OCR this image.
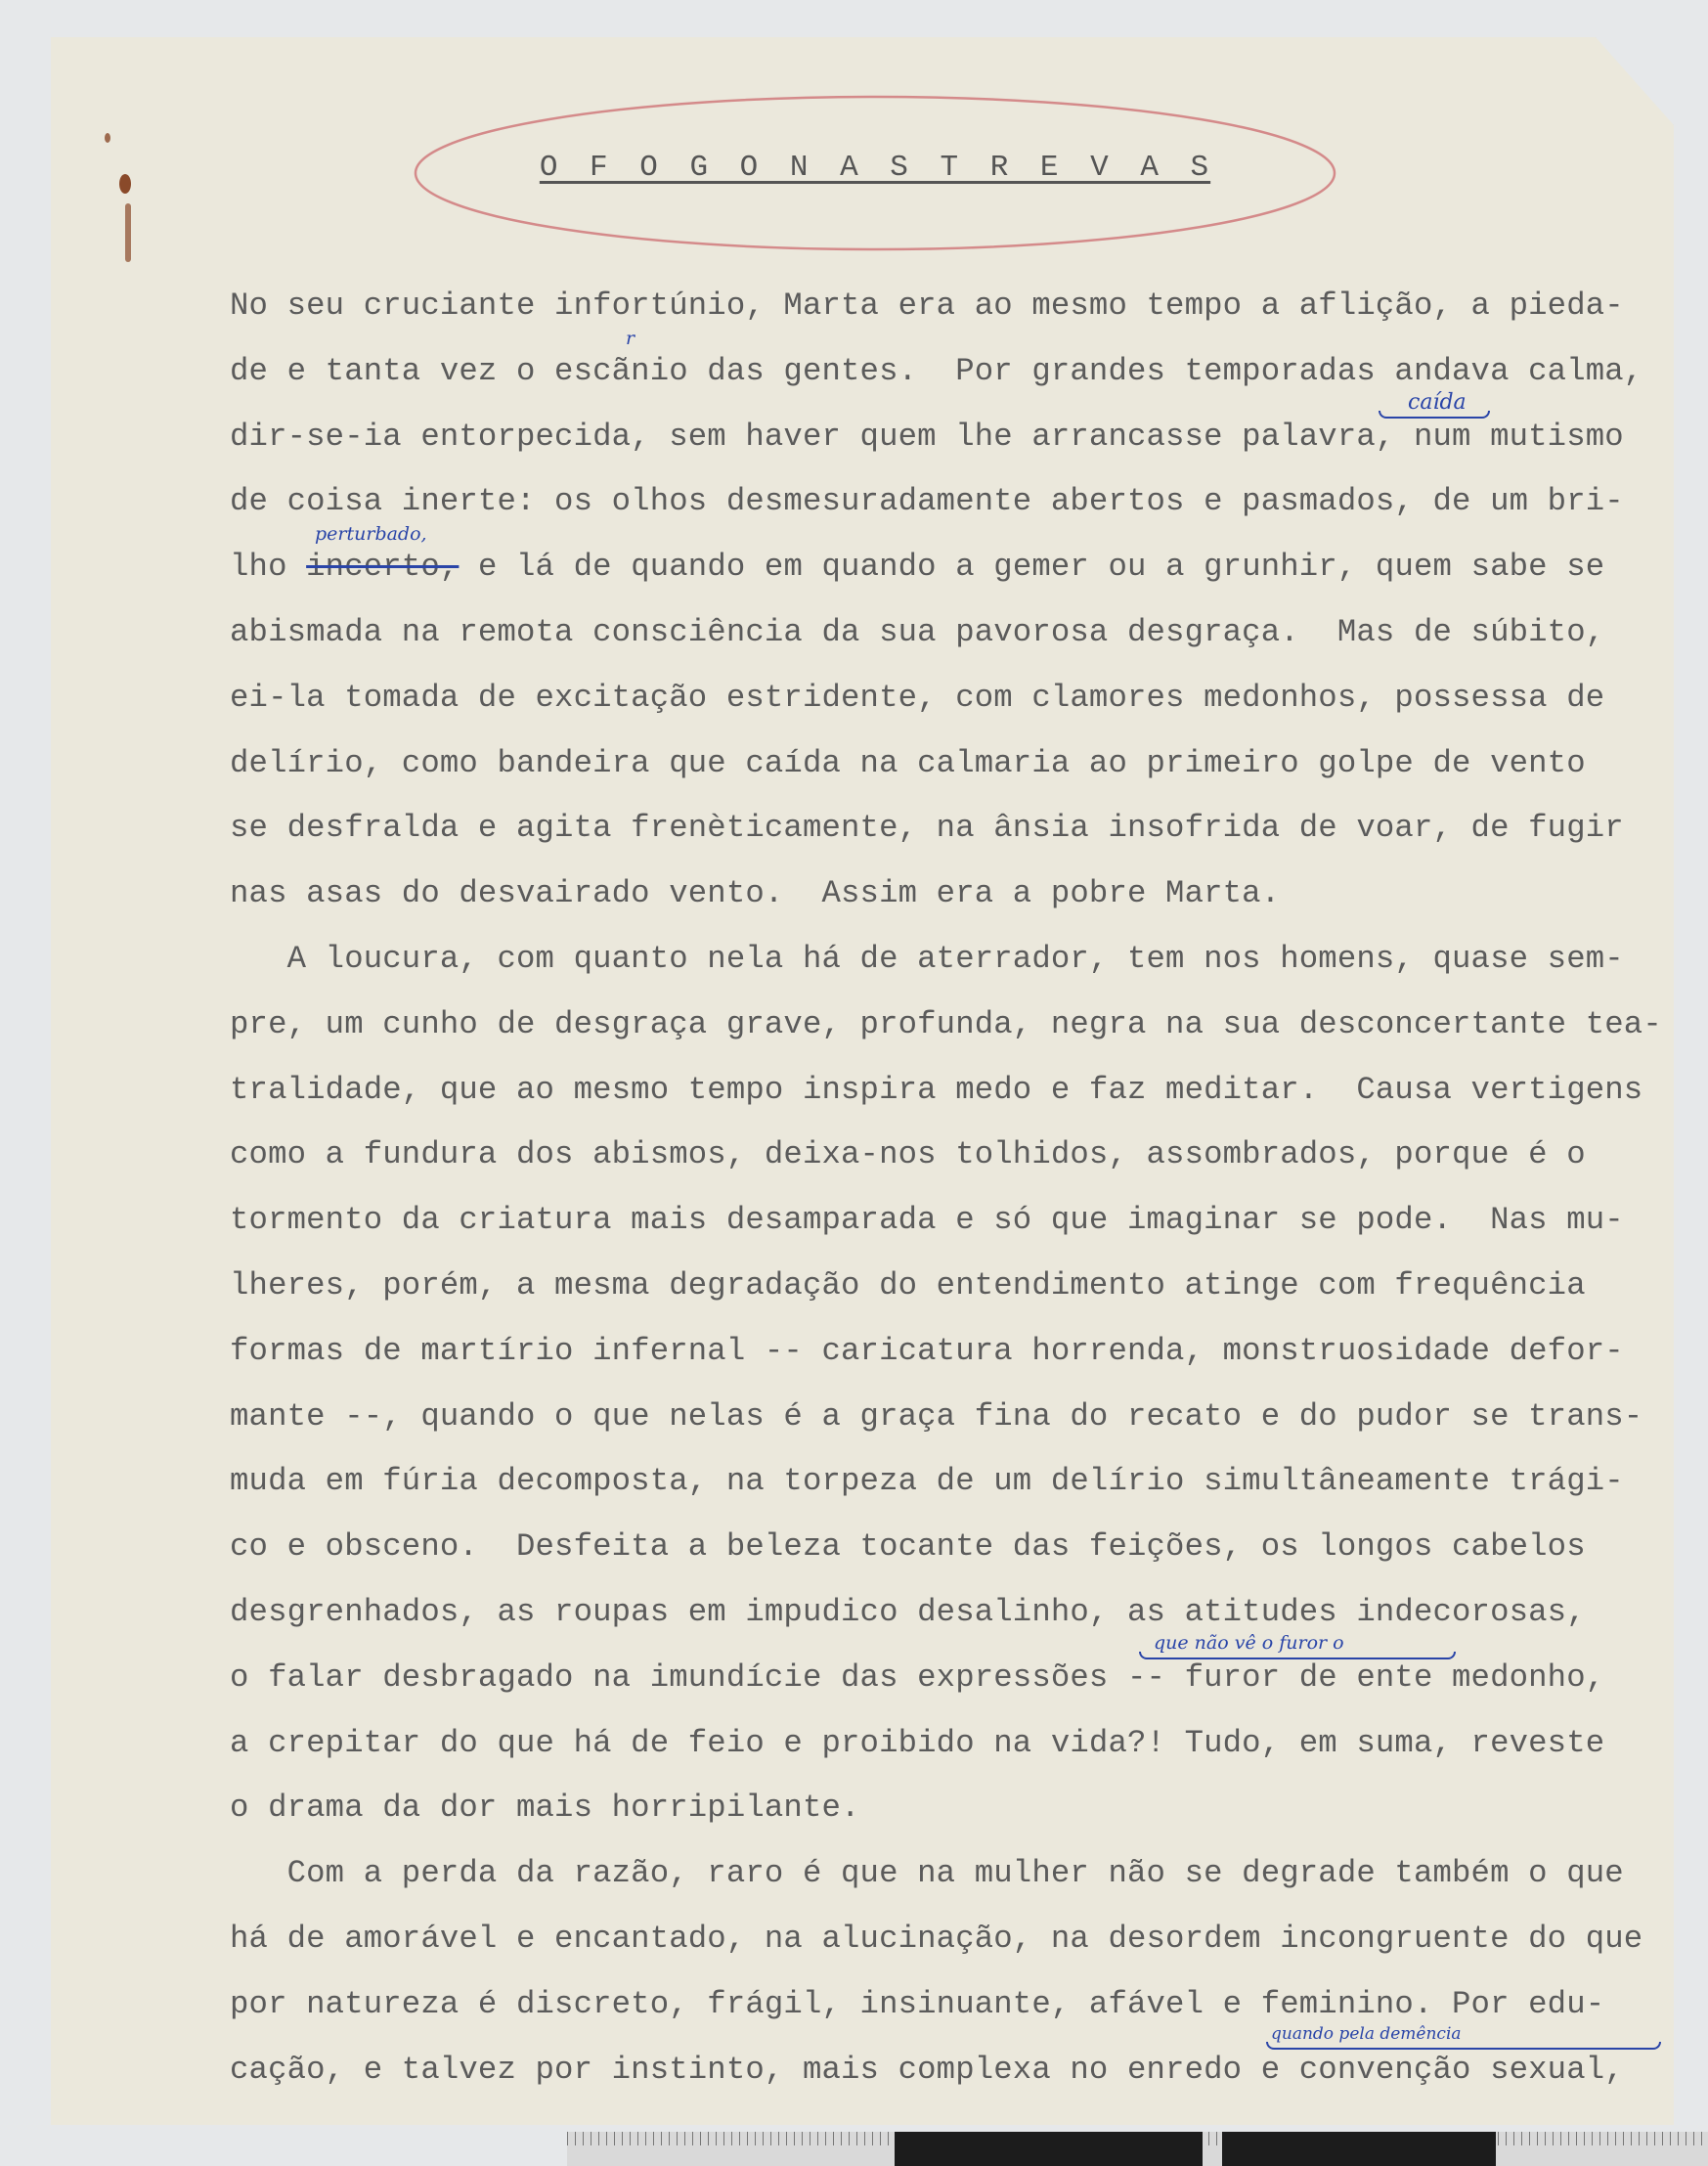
O F O G O N A S T R E V A S
No seu cruciante infortúnio, Marta era ao mesmo tempo a aflição, a pieda-
de e tanta vez o escãnio das gentes.  Por grandes temporadas andava calma,
dir-se-ia entorpecida, sem haver quem lhe arrancasse palavra, num mutismo
de coisa inerte: os olhos desmesuradamente abertos e pasmados, de um bri-
lho incerto, e lá de quando em quando a gemer ou a grunhir, quem sabe se
abismada na remota consciência da sua pavorosa desgraça.  Mas de súbito,
ei-la tomada de excitação estridente, com clamores medonhos, possessa de
delírio, como bandeira que caída na calmaria ao primeiro golpe de vento
se desfralda e agita frenèticamente, na ânsia insofrida de voar, de fugir
nas asas do desvairado vento.  Assim era a pobre Marta.
A loucura, com quanto nela há de aterrador, tem nos homens, quase sem-
pre, um cunho de desgraça grave, profunda, negra na sua desconcertante tea-
tralidade, que ao mesmo tempo inspira medo e faz meditar.  Causa vertigens
como a fundura dos abismos, deixa-nos tolhidos, assombrados, porque é o
tormento da criatura mais desamparada e só que imaginar se pode.  Nas mu-
lheres, porém, a mesma degradação do entendimento atinge com frequência
formas de martírio infernal -- caricatura horrenda, monstruosidade defor-
mante --, quando o que nelas é a graça fina do recato e do pudor se trans-
muda em fúria decomposta, na torpeza de um delírio simultâneamente trági-
co e obsceno.  Desfeita a beleza tocante das feições, os longos cabelos
desgrenhados, as roupas em impudico desalinho, as atitudes indecorosas,
o falar desbragado na imundície das expressões -- furor de ente medonho,
a crepitar do que há de feio e proibido na vida?! Tudo, em suma, reveste
o drama da dor mais horripilante.
Com a perda da razão, raro é que na mulher não se degrade também o que
há de amorável e encantado, na alucinação, na desordem incongruente do que
por natureza é discreto, frágil, insinuante, afável e feminino. Por edu-
cação, e talvez por instinto, mais complexa no enredo e convenção sexual,
r
caída
perturbado,
que não vê o furor o
quando pela demência
